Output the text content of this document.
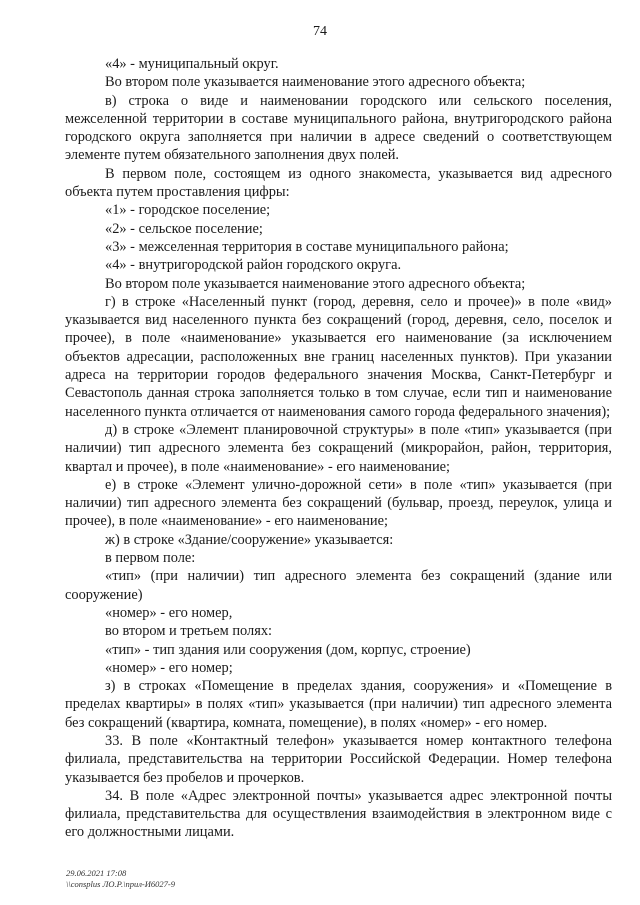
74

«4» - муниципальный округ.

Во втором поле указывается наименование этого адресного объекта;

в) строка о виде и наименовании городского или сельского поселения, межселенной территории в составе муниципального района, внутригородского района городского округа заполняется при наличии в адресе сведений о соответствующем элементе путем обязательного заполнения двух полей.

В первом поле, состоящем из одного знакоместа, указывается вид адресного объекта путем проставления цифры:

«1» - городское поселение;

«2» - сельское поселение;

«3» - межселенная территория в составе муниципального района;

«4» - внутригородской район городского округа.

Во втором поле указывается наименование этого адресного объекта;

г) в строке «Населенный пункт (город, деревня, село и прочее)» в поле «вид» указывается вид населенного пункта без сокращений (город, деревня, село, поселок и прочее), в поле «наименование» указывается его наименование (за исключением объектов адресации, расположенных вне границ населенных пунктов). При указании адреса на территории городов федерального значения Москва, Санкт-Петербург и Севастополь данная строка заполняется только в том случае, если тип и наименование населенного пункта отличается от наименования самого города федерального значения);

д) в строке «Элемент планировочной структуры» в поле «тип» указывается (при наличии) тип адресного элемента без сокращений (микрорайон, район, территория, квартал и прочее), в поле «наименование» - его наименование;

е) в строке «Элемент улично-дорожной сети» в поле «тип» указывается (при наличии) тип адресного элемента без сокращений (бульвар, проезд, переулок, улица и прочее), в поле «наименование» - его наименование;

ж) в строке «Здание/сооружение» указывается:

в первом поле:

«тип» (при наличии) тип адресного элемента без сокращений (здание или сооружение)

«номер» - его номер,

во втором и третьем полях:

«тип» - тип здания или сооружения (дом, корпус, строение)

«номер» - его номер;

з) в строках «Помещение в пределах здания, сооружения» и «Помещение в пределах квартиры» в полях «тип» указывается (при наличии) тип адресного элемента без сокращений (квартира, комната, помещение), в полях «номер» - его номер.

33. В поле «Контактный телефон» указывается номер контактного телефона филиала, представительства на территории Российской Федерации. Номер телефона указывается без пробелов и прочерков.

34. В поле «Адрес электронной почты» указывается адрес электронной почты филиала, представительства для осуществления взаимодействия в электронном виде с его должностными лицами.

29.06.2021 17:08
\\consplus ЛО.Р.\прил-И6027-9
